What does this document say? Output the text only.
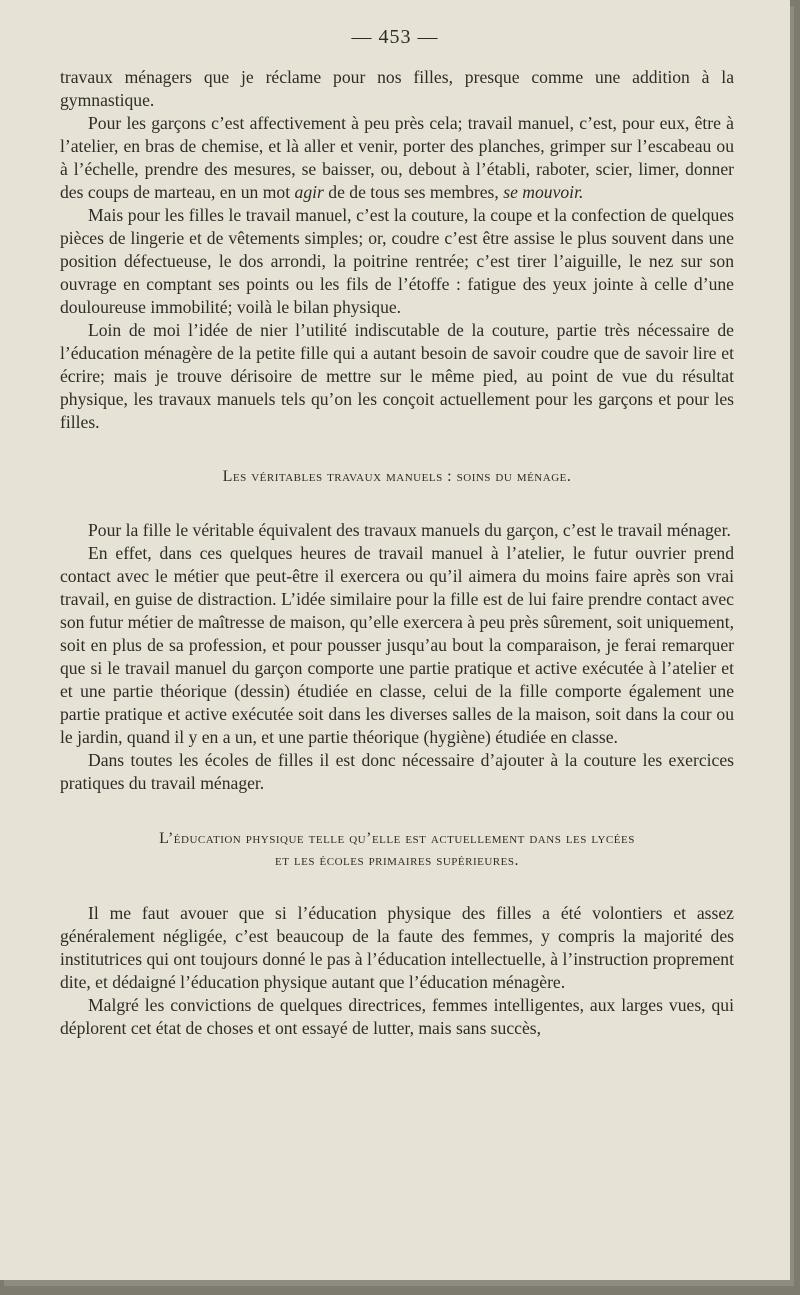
— 453 —

travaux ménagers que je réclame pour nos filles, presque comme une addition à la gymnastique.

Pour les garçons c’est affectivement à peu près cela; travail manuel, c’est, pour eux, être à l’atelier, en bras de chemise, et là aller et venir, porter des planches, grimper sur l’escabeau ou à l’échelle, prendre des mesures, se baisser, ou, debout à l’établi, raboter, scier, limer, donner des coups de marteau, en un mot agir de de tous ses membres, se mouvoir.

Mais pour les filles le travail manuel, c’est la couture, la coupe et la confection de quelques pièces de lingerie et de vêtements simples; or, coudre c’est être assise le plus souvent dans une position défectueuse, le dos arrondi, la poitrine rentrée; c’est tirer l’aiguille, le nez sur son ouvrage en comptant ses points ou les fils de l’étoffe : fatigue des yeux jointe à celle d’une douloureuse immobilité; voilà le bilan physique.

Loin de moi l’idée de nier l’utilité indiscutable de la couture, partie très nécessaire de l’éducation ménagère de la petite fille qui a autant besoin de savoir coudre que de savoir lire et écrire; mais je trouve dérisoire de mettre sur le même pied, au point de vue du résultat physique, les travaux manuels tels qu’on les conçoit actuellement pour les garçons et pour les filles.

Les véritables travaux manuels : soins du ménage.

Pour la fille le véritable équivalent des travaux manuels du garçon, c’est le travail ménager.

En effet, dans ces quelques heures de travail manuel à l’atelier, le futur ouvrier prend contact avec le métier que peut-être il exercera ou qu’il aimera du moins faire après son vrai travail, en guise de distraction. L’idée similaire pour la fille est de lui faire prendre contact avec son futur métier de maîtresse de maison, qu’elle exercera à peu près sûrement, soit uniquement, soit en plus de sa profession, et pour pousser jusqu’au bout la comparaison, je ferai remarquer que si le travail manuel du garçon comporte une partie pratique et active exécutée à l’atelier et et une partie théorique (dessin) étudiée en classe, celui de la fille comporte également une partie pratique et active exécutée soit dans les diverses salles de la maison, soit dans la cour ou le jardin, quand il y en a un, et une partie théorique (hygiène) étudiée en classe.

Dans toutes les écoles de filles il est donc nécessaire d’ajouter à la couture les exercices pratiques du travail ménager.

L’éducation physique telle qu’elle est actuellement dans les lycées
et les écoles primaires supérieures.

Il me faut avouer que si l’éducation physique des filles a été volontiers et assez généralement négligée, c’est beaucoup de la faute des femmes, y compris la majorité des institutrices qui ont toujours donné le pas à l’éducation intellectuelle, à l’instruction proprement dite, et dédaigné l’éducation physique autant que l’éducation ménagère.

Malgré les convictions de quelques directrices, femmes intelligentes, aux larges vues, qui déplorent cet état de choses et ont essayé de lutter, mais sans succès,
